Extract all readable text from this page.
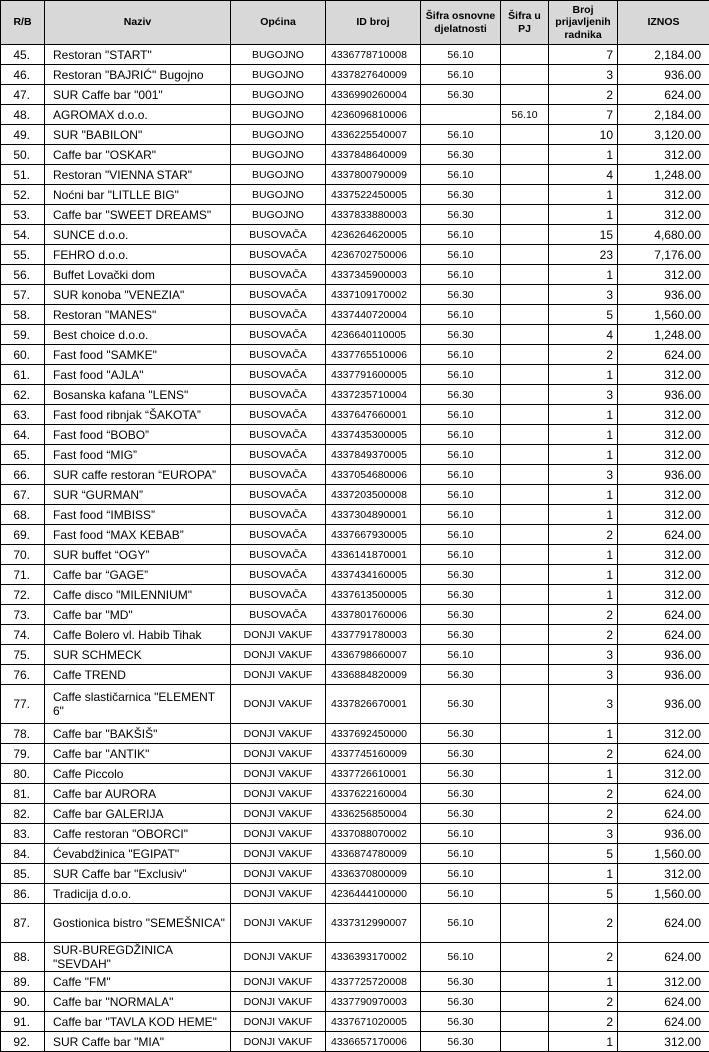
R/B	Naziv	Općina	ID broj	Šifra osnovne djelatnosti	Šifra u PJ	Broj prijavljenih radnika	IZNOS
45.	Restoran "START"	BUGOJNO	4336778710008	56.10		7	2,184.00
46.	Restoran "BAJRIĆ" Bugojno	BUGOJNO	4337827640009	56.10		3	936.00
47.	SUR Caffe bar "001"	BUGOJNO	4336990260004	56.30		2	624.00
48.	AGROMAX d.o.o.	BUGOJNO	4236096810006		56.10	7	2,184.00
49.	SUR "BABILON"	BUGOJNO	4336225540007	56.10		10	3,120.00
50.	Caffe bar "OSKAR"	BUGOJNO	4337848640009	56.30		1	312.00
51.	Restoran "VIENNA STAR"	BUGOJNO	4337800790009	56.10		4	1,248.00
52.	Noćni bar "LITLLE BIG"	BUGOJNO	4337522450005	56.30		1	312.00
53.	Caffe bar "SWEET DREAMS"	BUGOJNO	4337833880003	56.30		1	312.00
54.	SUNCE d.o.o.	BUSOVAČA	4236264620005	56.10		15	4,680.00
55.	FEHRO d.o.o.	BUSOVAČA	4236702750006	56.10		23	7,176.00
56.	Buffet Lovački dom	BUSOVAČA	4337345900003	56.10		1	312.00
57.	SUR konoba "VENEZIA"	BUSOVAČA	4337109170002	56.30		3	936.00
58.	Restoran "MANES"	BUSOVAČA	4337440720004	56.10		5	1,560.00
59.	Best choice d.o.o.	BUSOVAČA	4236640110005	56.30		4	1,248.00
60.	Fast food "SAMKE"	BUSOVAČA	4337765510006	56.10		2	624.00
61.	Fast food "AJLA"	BUSOVAČA	4337791600005	56.10		1	312.00
62.	Bosanska kafana "LENS"	BUSOVAČA	4337235710004	56.30		3	936.00
63.	Fast food ribnjak “ŠAKOTA”	BUSOVAČA	4337647660001	56.10		1	312.00
64.	Fast food “BOBO”	BUSOVAČA	4337435300005	56.10		1	312.00
65.	Fast food “MIG”	BUSOVAČA	4337849370005	56.10		1	312.00
66.	SUR caffe restoran “EUROPA”	BUSOVAČA	4337054680006	56.10		3	936.00
67.	SUR “GURMAN”	BUSOVAČA	4337203500008	56.10		1	312.00
68.	Fast food “IMBISS”	BUSOVAČA	4337304890001	56.10		1	312.00
69.	Fast food “MAX KEBAB”	BUSOVAČA	4337667930005	56.10		2	624.00
70.	SUR buffet “OGY”	BUSOVAČA	4336141870001	56.10		1	312.00
71.	Caffe bar “GAGE”	BUSOVAČA	4337434160005	56.30		1	312.00
72.	Caffe disco "MILENNIUM"	BUSOVAČA	4337613500005	56.30		1	312.00
73.	Caffe bar "MD"	BUSOVAČA	4337801760006	56.30		2	624.00
74.	Caffe Bolero vl. Habib Tihak	DONJI VAKUF	4337791780003	56.30		2	624.00
75.	SUR SCHMECK	DONJI VAKUF	4336798660007	56.10		3	936.00
76.	Caffe TREND	DONJI VAKUF	4336884820009	56.30		3	936.00
77.	Caffe slastičarnica "ELEMENT 6"	DONJI VAKUF	4337826670001	56.30		3	936.00
78.	Caffe bar "BAKŠIŠ"	DONJI VAKUF	4337692450000	56.30		1	312.00
79.	Caffe bar "ANTIK"	DONJI VAKUF	4337745160009	56.30		2	624.00
80.	Caffe Piccolo	DONJI VAKUF	4337726610001	56.30		1	312.00
81.	Caffe bar AURORA	DONJI VAKUF	4337622160004	56.30		2	624.00
82.	Caffe bar GALERIJA	DONJI VAKUF	4336256850004	56.30		2	624.00
83.	Caffe restoran "OBORCI"	DONJI VAKUF	4337088070002	56.10		3	936.00
84.	Ćevabdžinica "EGIPAT"	DONJI VAKUF	4336874780009	56.10		5	1,560.00
85.	SUR Caffe bar "Exclusiv"	DONJI VAKUF	4336370800009	56.10		1	312.00
86.	Tradicija d.o.o.	DONJI VAKUF	4236444100000	56.10		5	1,560.00
87.	Gostionica bistro "SEMEŠNICA"	DONJI VAKUF	4337312990007	56.10		2	624.00
88.	SUR-BUREGDŽINICA "SEVDAH"	DONJI VAKUF	4336393170002	56.10		2	624.00
89.	Caffe "FM"	DONJI VAKUF	4337725720008	56.30		1	312.00
90.	Caffe bar "NORMALA"	DONJI VAKUF	4337790970003	56.30		2	624.00
91.	Caffe bar "TAVLA KOD HEME"	DONJI VAKUF	4337671020005	56.30		2	624.00
92.	SUR Caffe bar "MIA"	DONJI VAKUF	4336657170006	56.30		1	312.00
